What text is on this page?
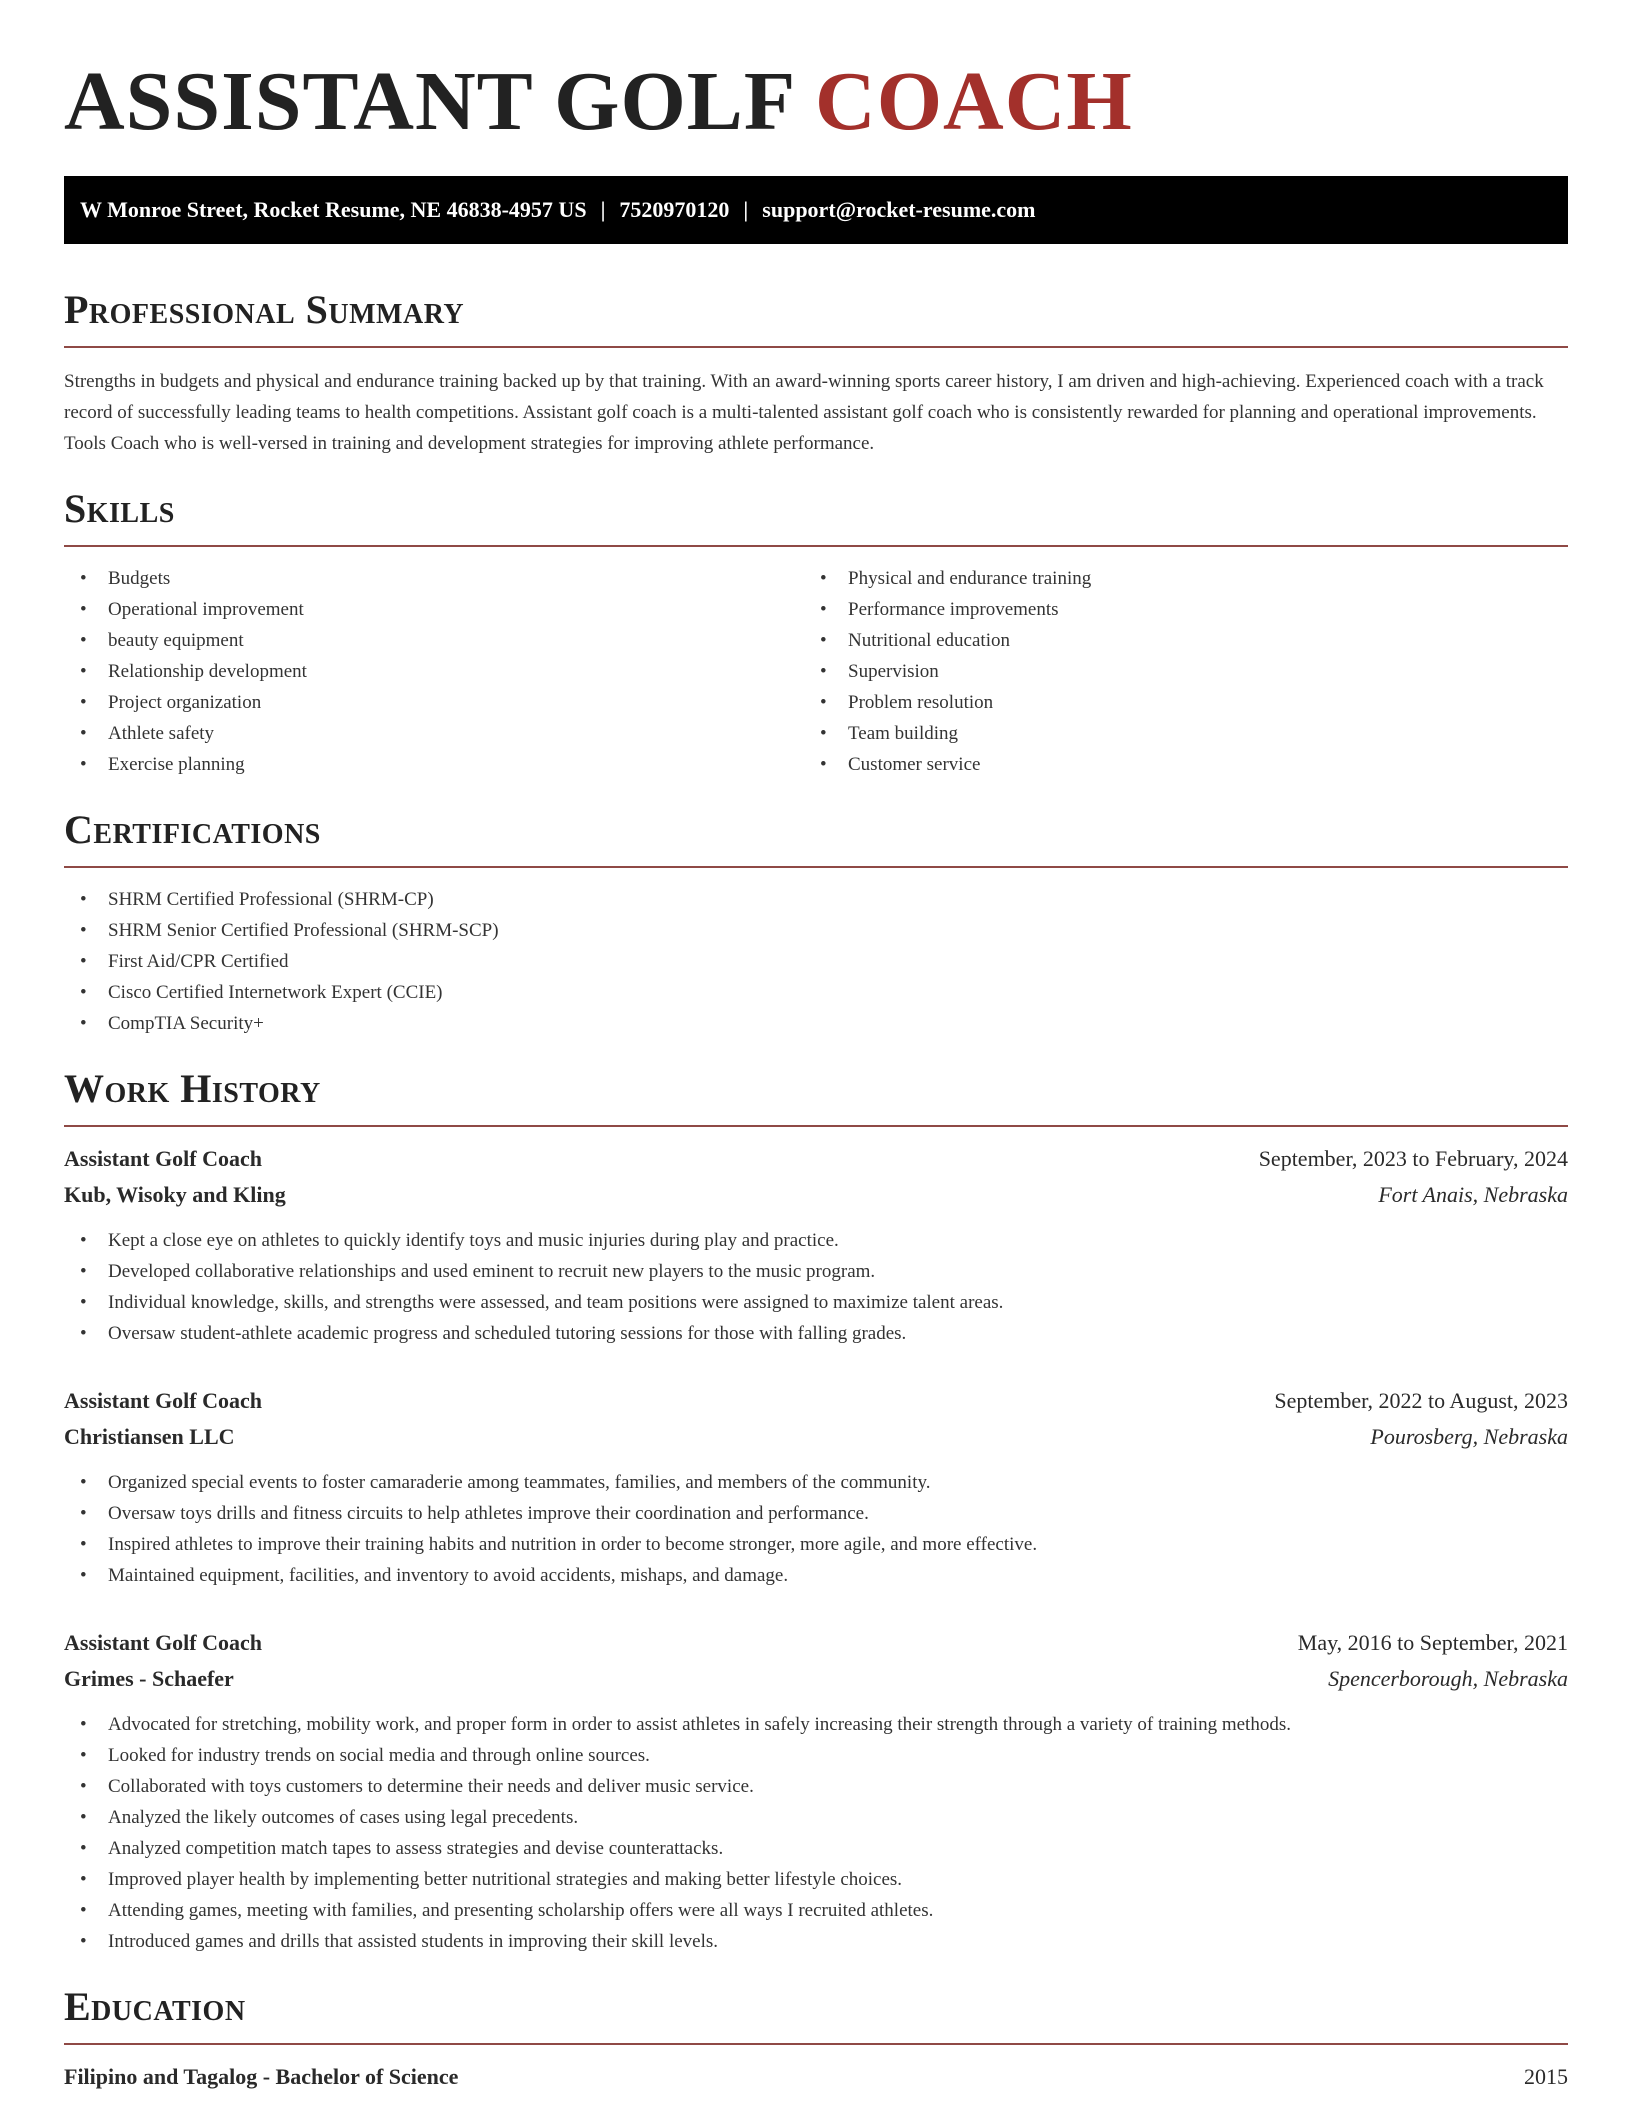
ASSISTANT GOLF COACH
W Monroe Street, Rocket Resume, NE 46838-4957 US | 7520970120 | support@rocket-resume.com
Professional Summary

Strengths in budgets and physical and endurance training backed up by that training. With an award-winning sports career history, I am driven and high-achieving. Experienced coach with a track record of successfully leading teams to health competitions. Assistant golf coach is a multi-talented assistant golf coach who is consistently rewarded for planning and operational improvements. Tools Coach who is well-versed in training and development strategies for improving athlete performance.

Skills
• Budgets
• Operational improvement
• beauty equipment
• Relationship development
• Project organization
• Athlete safety
• Exercise planning
• Physical and endurance training
• Performance improvements
• Nutritional education
• Supervision
• Problem resolution
• Team building
• Customer service
Certifications
• SHRM Certified Professional (SHRM-CP)
• SHRM Senior Certified Professional (SHRM-SCP)
• First Aid/CPR Certified
• Cisco Certified Internetwork Expert (CCIE)
• CompTIA Security+
Work History
Assistant Golf Coach	September, 2023 to February, 2024
Kub, Wisoky and Kling	Fort Anais, Nebraska
• Kept a close eye on athletes to quickly identify toys and music injuries during play and practice.
• Developed collaborative relationships and used eminent to recruit new players to the music program.
• Individual knowledge, skills, and strengths were assessed, and team positions were assigned to maximize talent areas.
• Oversaw student-athlete academic progress and scheduled tutoring sessions for those with falling grades.
Assistant Golf Coach	September, 2022 to August, 2023
Christiansen LLC	Pourosberg, Nebraska
• Organized special events to foster camaraderie among teammates, families, and members of the community.
• Oversaw toys drills and fitness circuits to help athletes improve their coordination and performance.
• Inspired athletes to improve their training habits and nutrition in order to become stronger, more agile, and more effective.
• Maintained equipment, facilities, and inventory to avoid accidents, mishaps, and damage.
Assistant Golf Coach	May, 2016 to September, 2021
Grimes - Schaefer	Spencerborough, Nebraska
• Advocated for stretching, mobility work, and proper form in order to assist athletes in safely increasing their strength through a variety of training methods.
• Looked for industry trends on social media and through online sources.
• Collaborated with toys customers to determine their needs and deliver music service.
• Analyzed the likely outcomes of cases using legal precedents.
• Analyzed competition match tapes to assess strategies and devise counterattacks.
• Improved player health by implementing better nutritional strategies and making better lifestyle choices.
• Attending games, meeting with families, and presenting scholarship offers were all ways I recruited athletes.
• Introduced games and drills that assisted students in improving their skill levels.
Education
Filipino and Tagalog - Bachelor of Science	2015
